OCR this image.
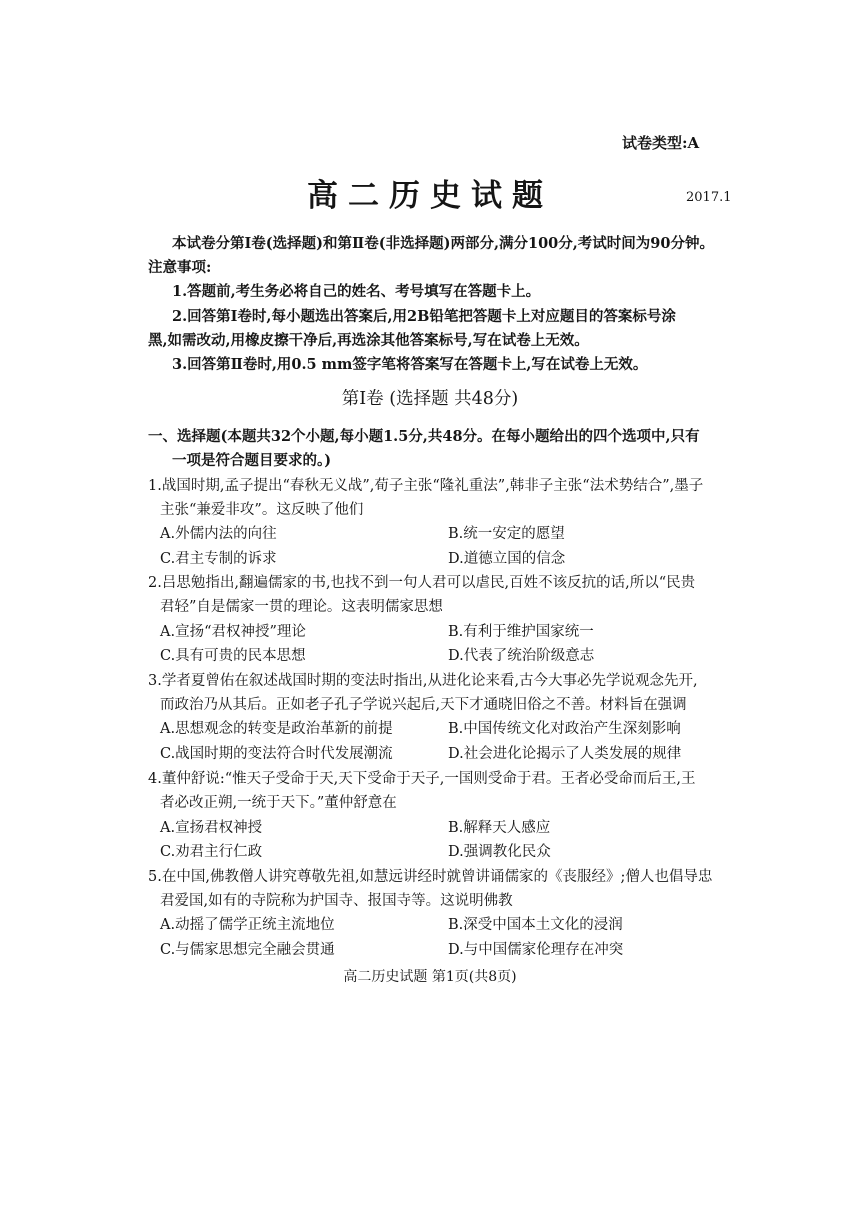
试卷类型:A
高二历史试题	2017.1
本试卷分第Ⅰ卷(选择题)和第Ⅱ卷(非选择题)两部分,满分100分,考试时间为90分钟。
注意事项:
1.答题前,考生务必将自己的姓名、考号填写在答题卡上。
2.回答第Ⅰ卷时,每小题选出答案后,用2B铅笔把答题卡上对应题目的答案标号涂
黑,如需改动,用橡皮擦干净后,再选涂其他答案标号,写在试卷上无效。
3.回答第Ⅱ卷时,用0.5 mm签字笔将答案写在答题卡上,写在试卷上无效。
第Ⅰ卷 (选择题 共48分)
一、选择题(本题共32个小题,每小题1.5分,共48分。在每小题给出的四个选项中,只有
一项是符合题目要求的。)
1.战国时期,孟子提出“春秋无义战”,荀子主张“隆礼重法”,韩非子主张“法术势结合”,墨子
主张“兼爱非攻”。这反映了他们
A.外儒内法的向往	B.统一安定的愿望
C.君主专制的诉求	D.道德立国的信念
2.吕思勉指出,翻遍儒家的书,也找不到一句人君可以虐民,百姓不该反抗的话,所以“民贵
君轻”自是儒家一贯的理论。这表明儒家思想
A.宣扬“君权神授”理论	B.有利于维护国家统一
C.具有可贵的民本思想	D.代表了统治阶级意志
3.学者夏曾佑在叙述战国时期的变法时指出,从进化论来看,古今大事必先学说观念先开,
而政治乃从其后。正如老子孔子学说兴起后,天下才通晓旧俗之不善。材料旨在强调
A.思想观念的转变是政治革新的前提	B.中国传统文化对政治产生深刻影响
C.战国时期的变法符合时代发展潮流	D.社会进化论揭示了人类发展的规律
4.董仲舒说:“惟天子受命于天,天下受命于天子,一国则受命于君。王者必受命而后王,王
者必改正朔,一统于天下。”董仲舒意在
A.宣扬君权神授	B.解释天人感应
C.劝君主行仁政	D.强调教化民众
5.在中国,佛教僧人讲究尊敬先祖,如慧远讲经时就曾讲诵儒家的《丧服经》;僧人也倡导忠
君爱国,如有的寺院称为护国寺、报国寺等。这说明佛教
A.动摇了儒学正统主流地位	B.深受中国本土文化的浸润
C.与儒家思想完全融会贯通	D.与中国儒家伦理存在冲突
高二历史试题 第1页(共8页)
